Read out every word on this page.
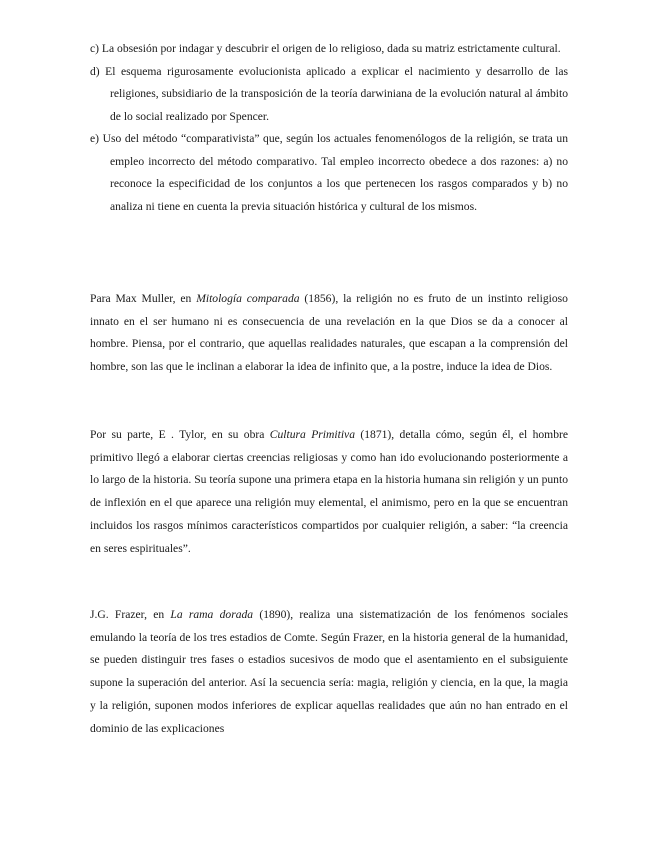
c) La obsesión por indagar y descubrir el origen de lo religioso, dada su matriz estrictamente cultural.
d) El esquema rigurosamente evolucionista aplicado a explicar el nacimiento y desarrollo de las religiones, subsidiario de la transposición de la teoría darwiniana de la evolución natural al ámbito de lo social realizado por Spencer.
e) Uso del método “comparativista” que, según los actuales fenomenólogos de la religión, se trata un empleo incorrecto del método comparativo. Tal empleo incorrecto obedece a dos razones: a) no reconoce la especificidad de los conjuntos a los que pertenecen los rasgos comparados y b) no analiza ni tiene en cuenta la previa situación histórica y cultural de los mismos.

Para Max Muller, en Mitología comparada (1856), la religión no es fruto de un instinto religioso innato en el ser humano ni es consecuencia de una revelación en la que Dios se da a conocer al hombre. Piensa, por el contrario, que aquellas realidades naturales, que escapan a la comprensión del hombre, son las que le inclinan a elaborar la idea de infinito que, a la postre, induce la idea de Dios.

Por su parte, E . Tylor, en su obra Cultura Primitiva (1871), detalla cómo, según él, el hombre primitivo llegó a elaborar ciertas creencias religiosas y como han ido evolucionando posteriormente a lo largo de la historia. Su teoría supone una primera etapa en la historia humana sin religión y un punto de inflexión en el que aparece una religión muy elemental, el animismo, pero en la que se encuentran incluidos los rasgos mínimos característicos compartidos por cualquier religión, a saber: “la creencia en seres espirituales”.

J.G. Frazer, en La rama dorada (1890), realiza una sistematización de los fenómenos sociales emulando la teoría de los tres estadios de Comte. Según Frazer, en la historia general de la humanidad, se pueden distinguir tres fases o estadios sucesivos de modo que el asentamiento en el subsiguiente supone la superación del anterior. Así la secuencia sería: magia, religión y ciencia, en la que, la magia y la religión, suponen modos inferiores de explicar aquellas realidades que aún no han entrado en el dominio de las explicaciones
